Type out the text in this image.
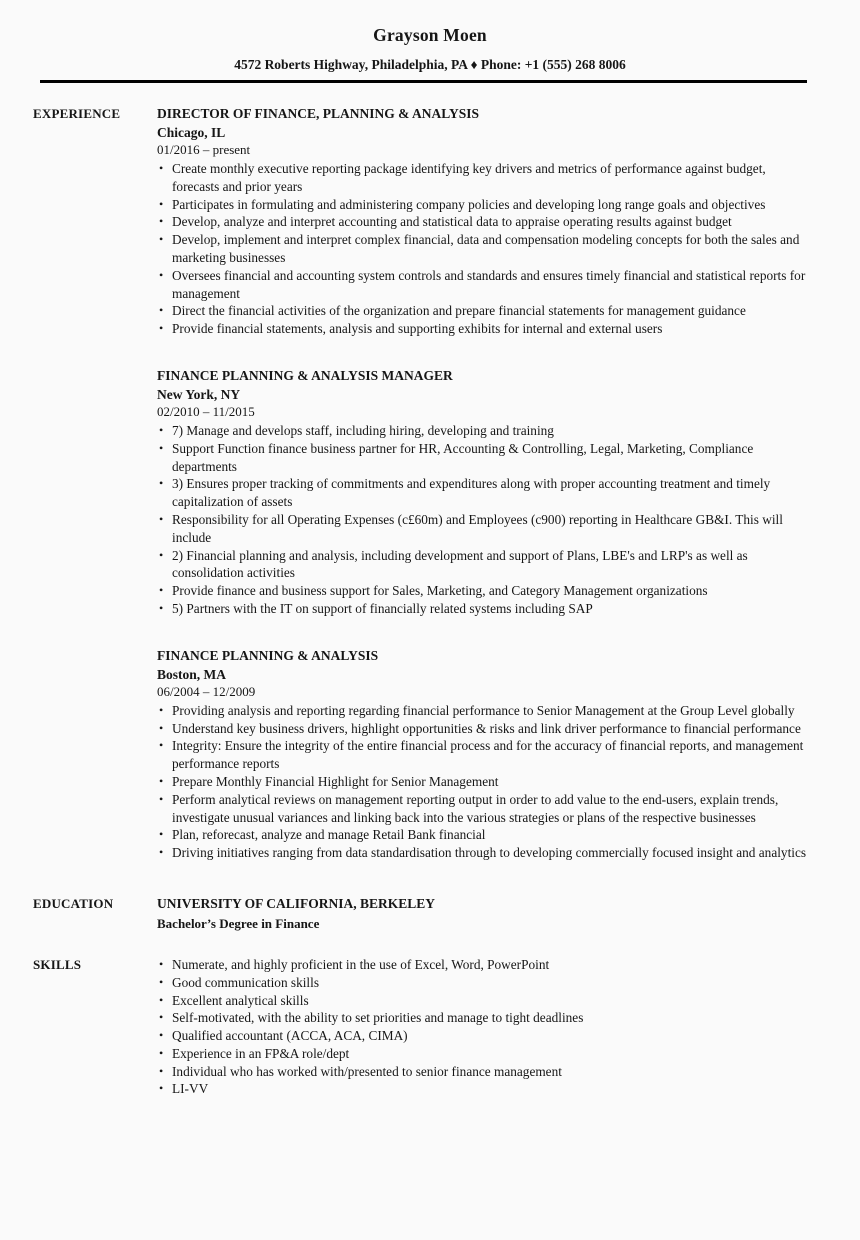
Grayson Moen
4572 Roberts Highway, Philadelphia, PA ♦ Phone: +1 (555) 268 8006
EXPERIENCE	DIRECTOR OF FINANCE, PLANNING & ANALYSIS
Chicago, IL
01/2016 – present
• Create monthly executive reporting package identifying key drivers and metrics of performance against budget, forecasts and prior years
• Participates in formulating and administering company policies and developing long range goals and objectives
• Develop, analyze and interpret accounting and statistical data to appraise operating results against budget
• Develop, implement and interpret complex financial, data and compensation modeling concepts for both the sales and marketing businesses
• Oversees financial and accounting system controls and standards and ensures timely financial and statistical reports for management
• Direct the financial activities of the organization and prepare financial statements for management guidance
• Provide financial statements, analysis and supporting exhibits for internal and external users
FINANCE PLANNING & ANALYSIS MANAGER
New York, NY
02/2010 – 11/2015
• 7) Manage and develops staff, including hiring, developing and training
• Support Function finance business partner for HR, Accounting & Controlling, Legal, Marketing, Compliance departments
• 3) Ensures proper tracking of commitments and expenditures along with proper accounting treatment and timely capitalization of assets
• Responsibility for all Operating Expenses (c£60m) and Employees (c900) reporting in Healthcare GB&I. This will include
• 2) Financial planning and analysis, including development and support of Plans, LBE's and LRP's as well as consolidation activities
• Provide finance and business support for Sales, Marketing, and Category Management organizations
• 5) Partners with the IT on support of financially related systems including SAP
FINANCE PLANNING & ANALYSIS
Boston, MA
06/2004 – 12/2009
• Providing analysis and reporting regarding financial performance to Senior Management at the Group Level globally
• Understand key business drivers, highlight opportunities & risks and link driver performance to financial performance
• Integrity: Ensure the integrity of the entire financial process and for the accuracy of financial reports, and management performance reports
• Prepare Monthly Financial Highlight for Senior Management
• Perform analytical reviews on management reporting output in order to add value to the end-users, explain trends, investigate unusual variances and linking back into the various strategies or plans of the respective businesses
• Plan, reforecast, analyze and manage Retail Bank financial
• Driving initiatives ranging from data standardisation through to developing commercially focused insight and analytics
EDUCATION	UNIVERSITY OF CALIFORNIA, BERKELEY
Bachelor’s Degree in Finance
SKILLS	• Numerate, and highly proficient in the use of Excel, Word, PowerPoint
• Good communication skills
• Excellent analytical skills
• Self-motivated, with the ability to set priorities and manage to tight deadlines
• Qualified accountant (ACCA, ACA, CIMA)
• Experience in an FP&A role/dept
• Individual who has worked with/presented to senior finance management
• LI-VV
